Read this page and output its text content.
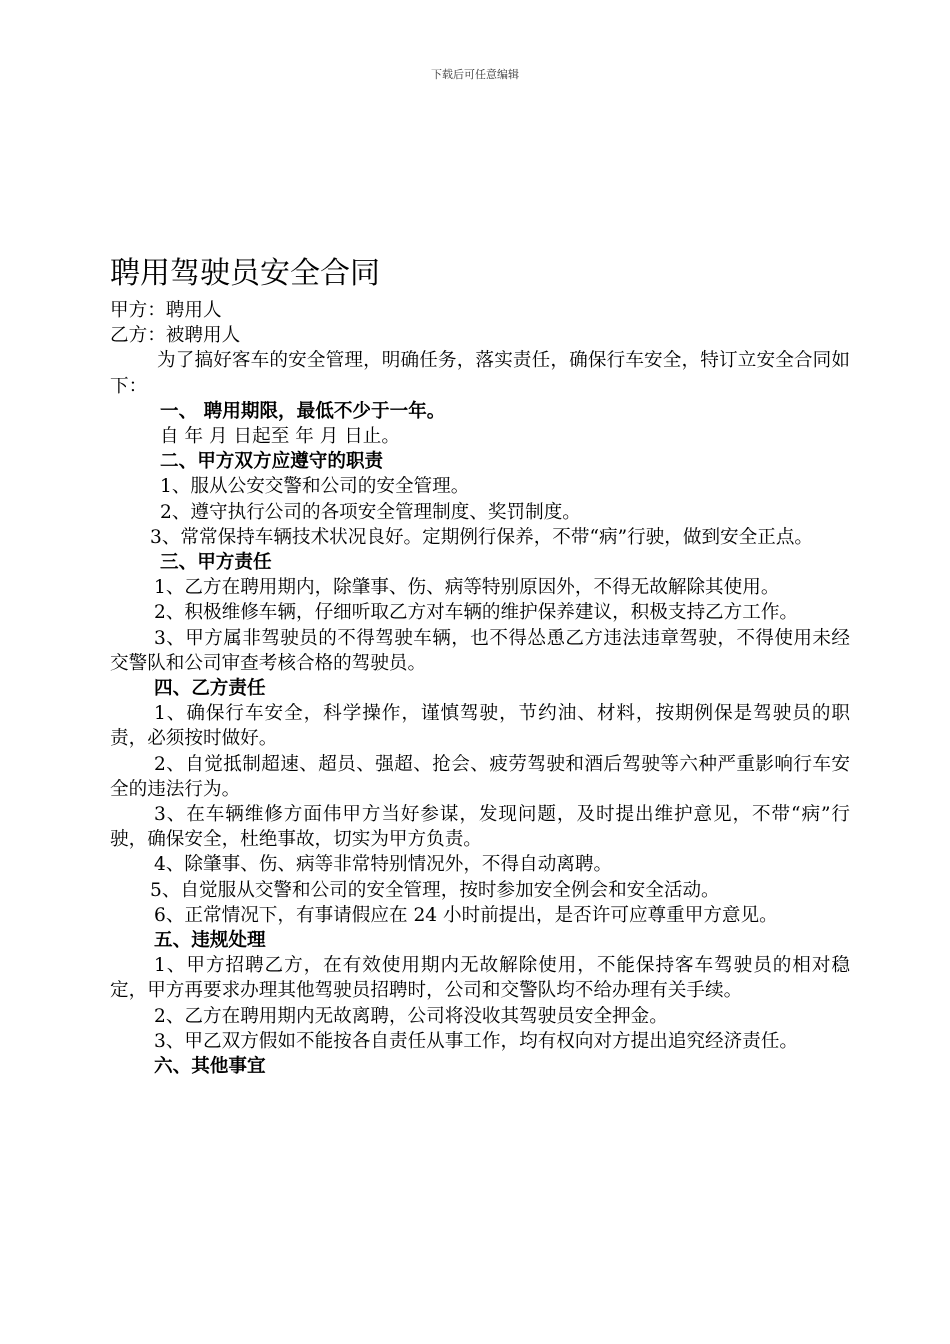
下载后可任意编辑
聘用驾驶员安全合同

甲方：聘用人

乙方：被聘用人

为了搞好客车的安全管理，明确任务，落实责任，确保行车安全，特订立安全合同如下：

一、 聘用期限，最低不少于一年。

自 年 月 日起至 年 月 日止。

二、甲方双方应遵守的职责

1、服从公安交警和公司的安全管理。

2、遵守执行公司的各项安全管理制度、奖罚制度。

3、常常保持车辆技术状况良好。定期例行保养，不带“病”行驶，做到安全正点。

三、甲方责任

1、乙方在聘用期内，除肇事、伤、病等特别原因外，不得无故解除其使用。

2、积极维修车辆，仔细听取乙方对车辆的维护保养建议，积极支持乙方工作。

3、甲方属非驾驶员的不得驾驶车辆，也不得怂恿乙方违法违章驾驶，不得使用未经交警队和公司审查考核合格的驾驶员。

四、乙方责任

1、确保行车安全，科学操作，谨慎驾驶，节约油、材料，按期例保是驾驶员的职责，必须按时做好。

2、自觉抵制超速、超员、强超、抢会、疲劳驾驶和酒后驾驶等六种严重影响行车安全的违法行为。

3、在车辆维修方面伟甲方当好参谋，发现问题，及时提出维护意见，不带“病”行驶，确保安全，杜绝事故，切实为甲方负责。

4、除肇事、伤、病等非常特别情况外，不得自动离聘。

5、自觉服从交警和公司的安全管理，按时参加安全例会和安全活动。

6、正常情况下，有事请假应在 24 小时前提出，是否许可应尊重甲方意见。

五、违规处理

1、甲方招聘乙方，在有效使用期内无故解除使用，不能保持客车驾驶员的相对稳定，甲方再要求办理其他驾驶员招聘时，公司和交警队均不给办理有关手续。

2、乙方在聘用期内无故离聘，公司将没收其驾驶员安全押金。

3、甲乙双方假如不能按各自责任从事工作，均有权向对方提出追究经济责任。

六、其他事宜
